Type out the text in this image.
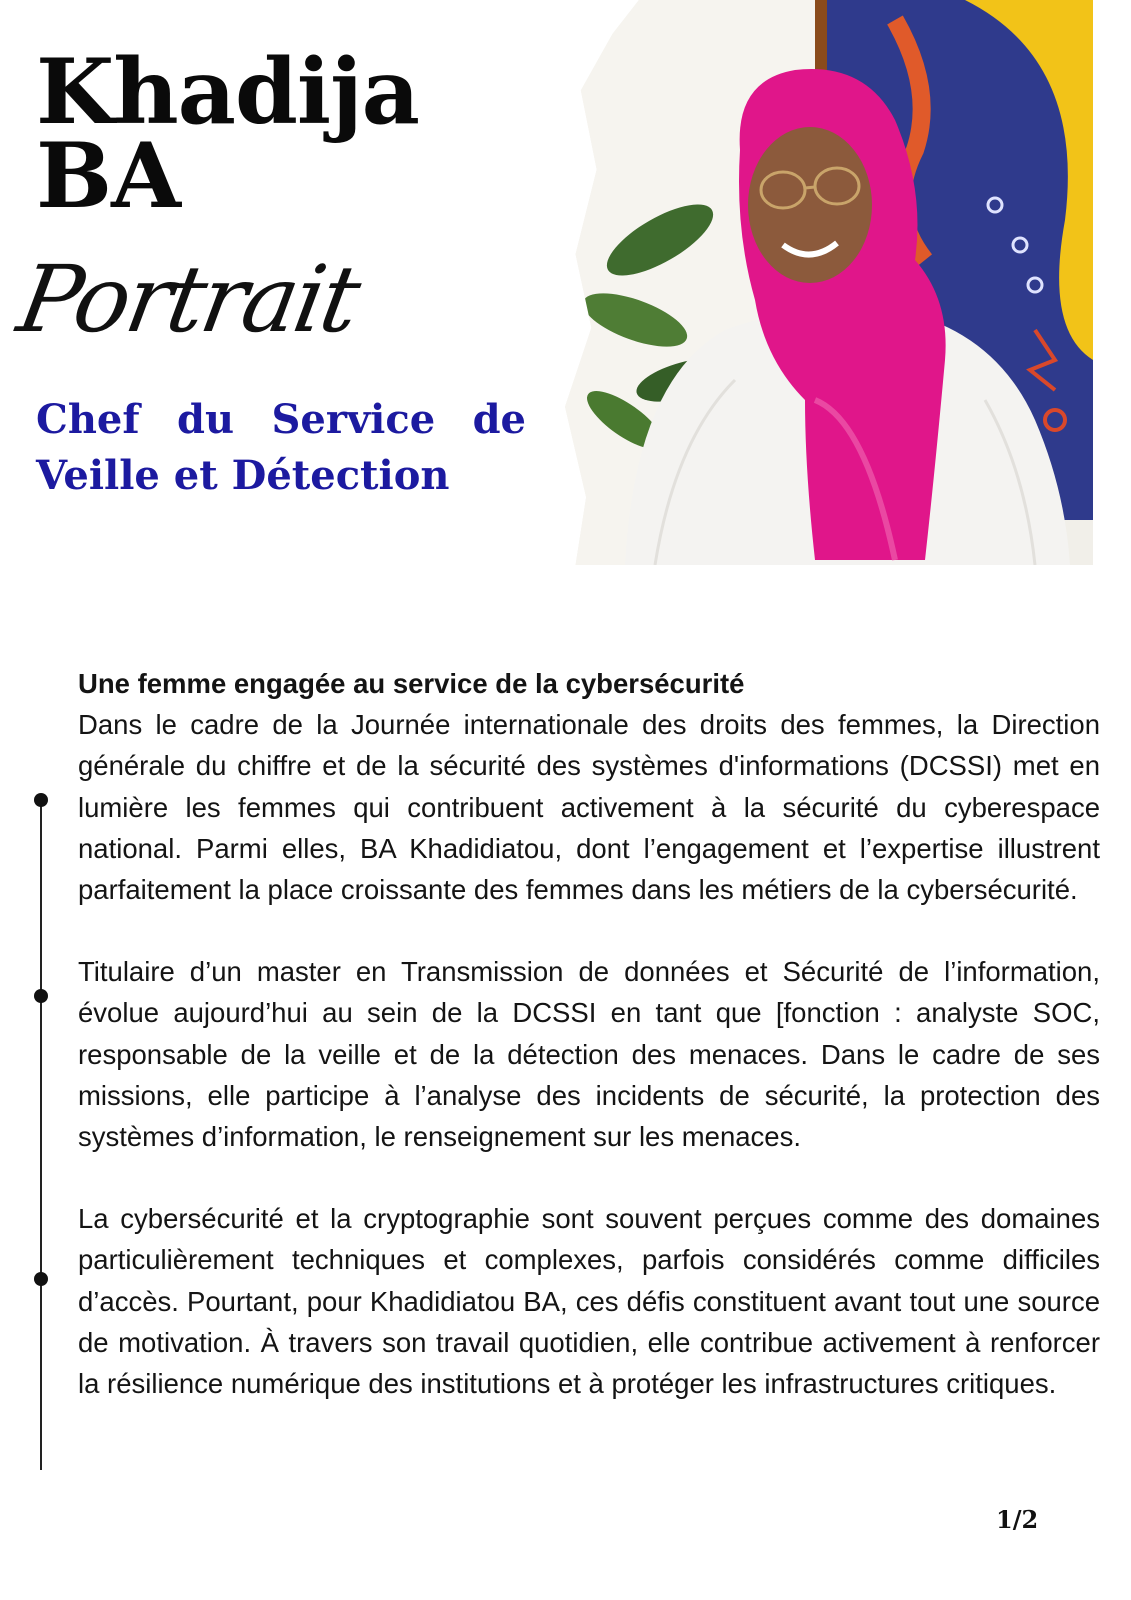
Khadija
BA
Portrait
Chef du Service de
Veille et Détection

Une femme engagée au service de la cybersécurité
Dans le cadre de la Journée internationale des droits des femmes, la Direction générale du chiffre et de la sécurité des systèmes d'informations (DCSSI) met en lumière les femmes qui contribuent activement à la sécurité du cyberespace national. Parmi elles, BA Khadidiatou, dont l’engagement et l’expertise illustrent parfaitement la place croissante des femmes dans les métiers de la cybersécurité.

Titulaire d’un master en Transmission de données et Sécurité de l’information, évolue aujourd’hui au sein de la DCSSI en tant que [fonction : analyste SOC, responsable de la veille et de la détection des menaces. Dans le cadre de ses missions, elle participe à l’analyse des incidents de sécurité, la protection des systèmes d’information, le renseignement sur les menaces.

La cybersécurité et la cryptographie sont souvent perçues comme des domaines particulièrement techniques et complexes, parfois considérés comme difficiles d’accès. Pourtant, pour Khadidiatou BA, ces défis constituent avant tout une source de motivation. À travers son travail quotidien, elle contribue activement à renforcer la résilience numérique des institutions et à protéger les infrastructures critiques.

1/2
